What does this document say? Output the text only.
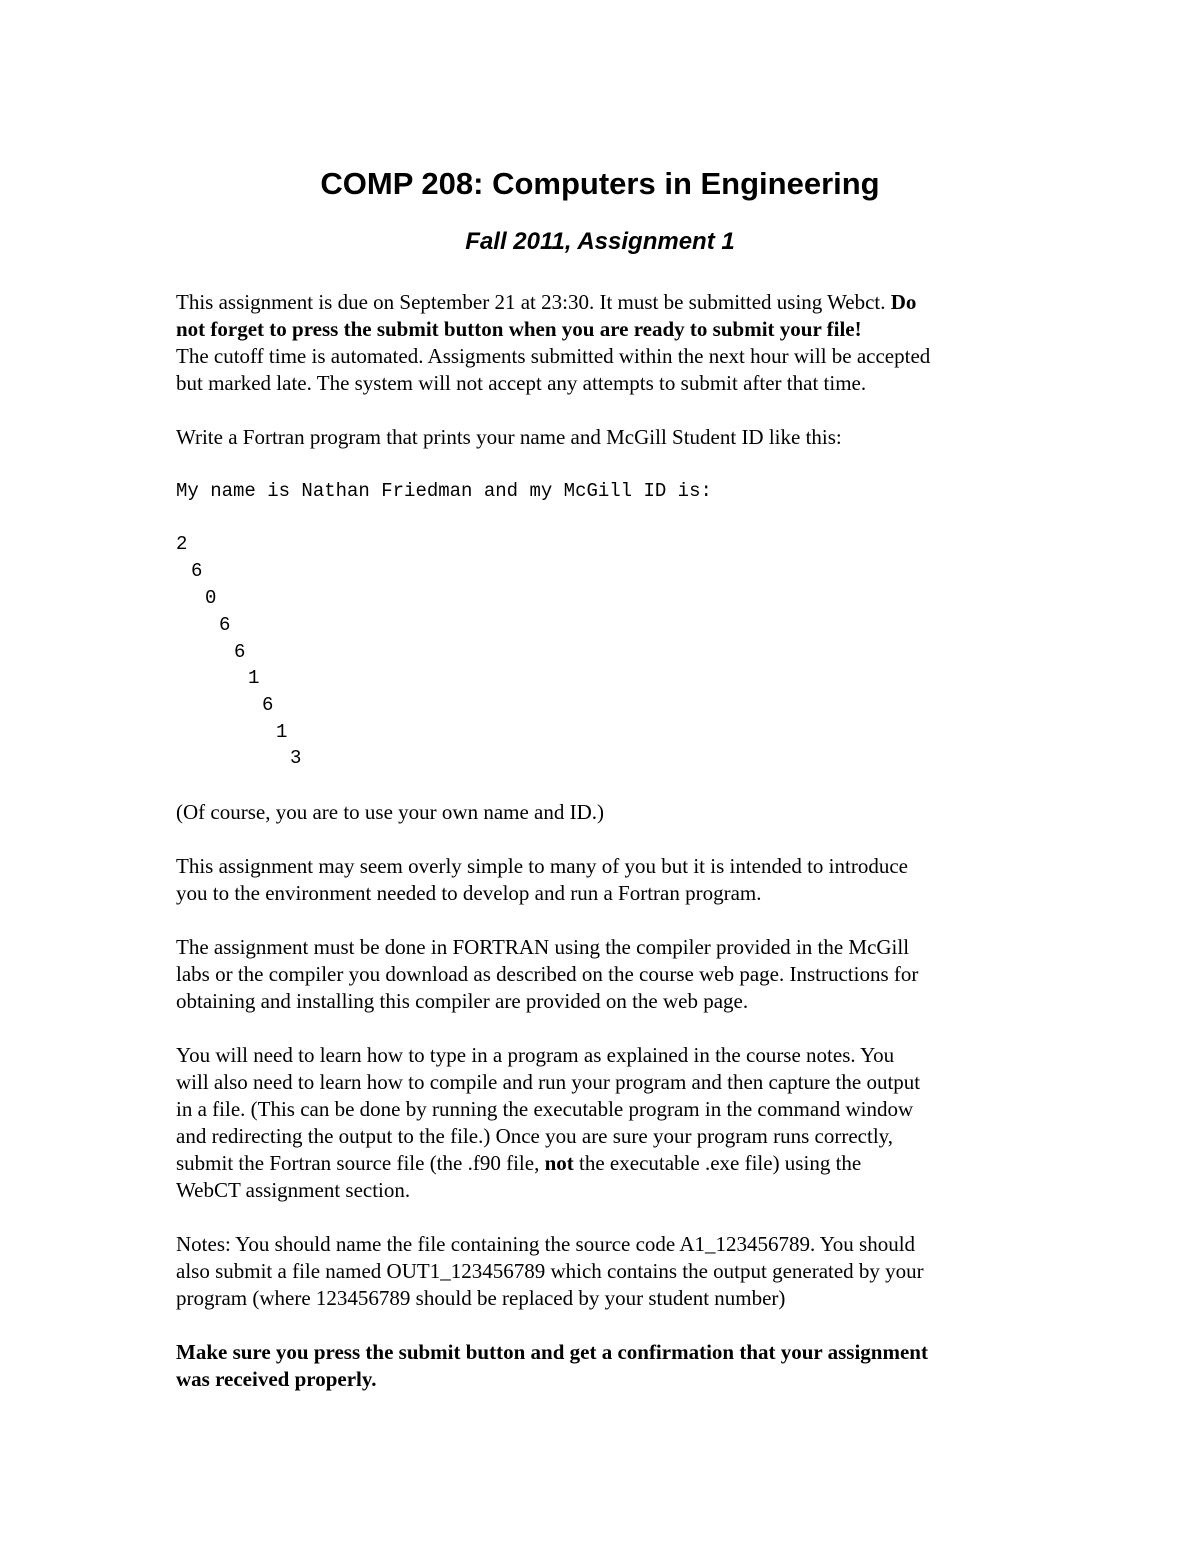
COMP 208: Computers in Engineering
Fall 2011, Assignment 1
This assignment is due on September 21 at 23:30. It must be submitted using Webct. Do
not forget to press the submit button when you are ready to submit your file!
The cutoff time is automated. Assigments submitted within the next hour will be accepted
but marked late. The system will not accept any attempts to submit after that time.
Write a Fortran program that prints your name and McGill Student ID like this:
My name is Nathan Friedman and my McGill ID is:
2
6
0
6
6
1
6
1
3
(Of course, you are to use your own name and ID.)
This assignment may seem overly simple to many of you but it is intended to introduce
you to the environment needed to develop and run a Fortran program.
The assignment must be done in FORTRAN using the compiler provided in the McGill
labs or the compiler you download as described on the course web page. Instructions for
obtaining and installing this compiler are provided on the web page.
You will need to learn how to type in a program as explained in the course notes. You
will also need to learn how to compile and run your program and then capture the output
in a file. (This can be done by running the executable program in the command window
and redirecting the output to the file.) Once you are sure your program runs correctly,
submit the Fortran source file (the .f90 file, not the executable .exe file) using the
WebCT assignment section.
Notes: You should name the file containing the source code A1_123456789. You should
also submit a file named OUT1_123456789 which contains the output generated by your
program (where 123456789 should be replaced by your student number)
Make sure you press the submit button and get a confirmation that your assignment
was received properly.
